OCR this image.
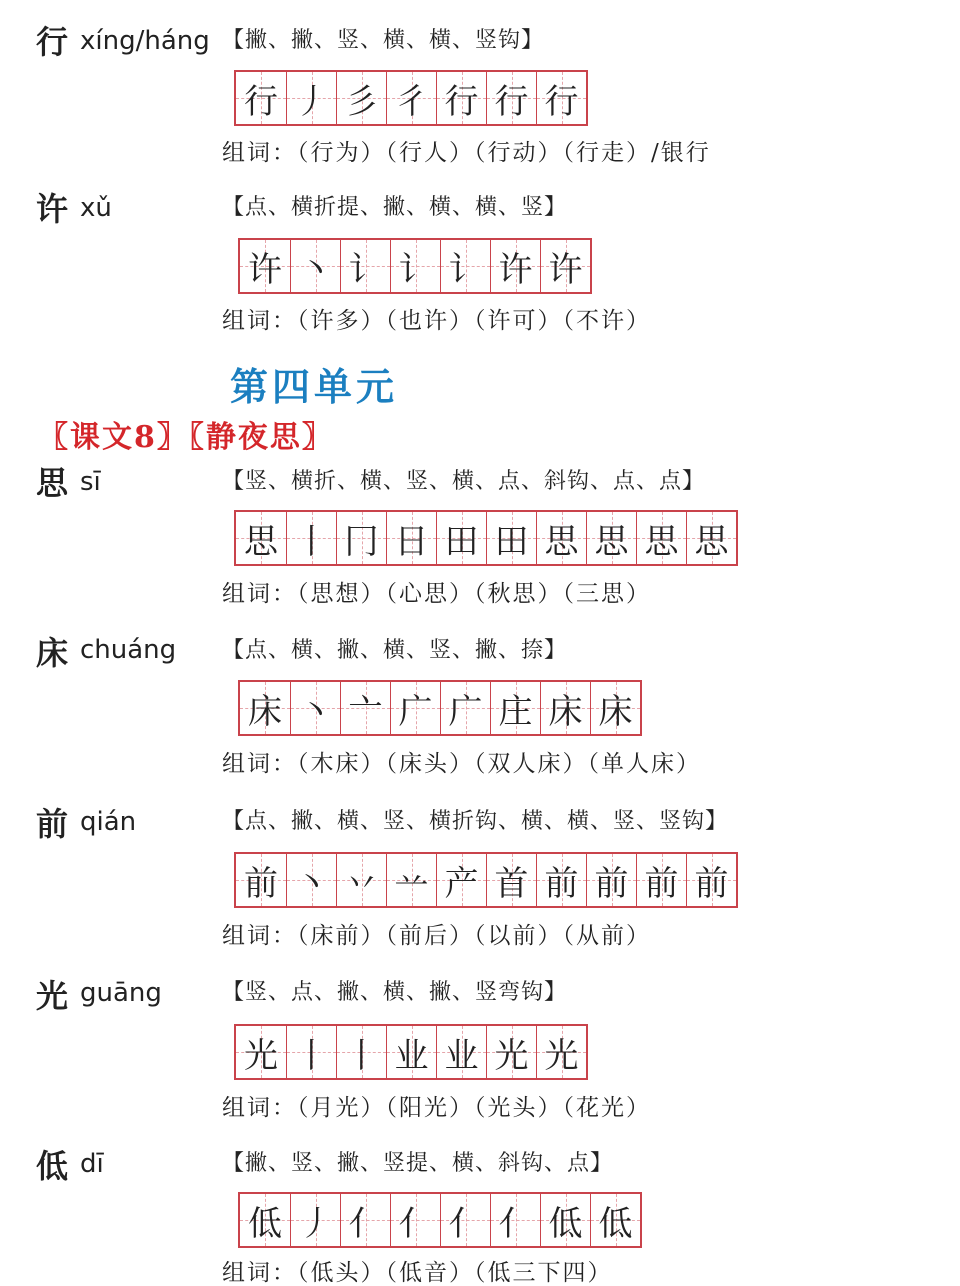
行 xíng/háng 【撇、撇、竖、横、横、竖钩】
行 丿 彡 彳 行 行 行
组词：（行为）（行人）（行动）（行走）/银行
许 xǔ	【点、横折提、撇、横、横、竖】
许 丶 讠 讠 讠 许 许
组词：（许多）（也许）（许可）（不许）
第四单元
〖课文8〗〖静夜思〗
思 sī	【竖、横折、横、竖、横、点、斜钩、点、点】
思 丨 冂 日 田 田 思 思 思 思
组词：（思想）（心思）（秋思）（三思）
床 chuáng 【点、横、撇、横、竖、撇、捺】
床 丶 亠 广 广 庄 床 床
组词：（木床）（床头）（双人床）（单人床）
前 qián	【点、撇、横、竖、横折钩、横、横、竖、竖钩】
前 丶 丷 䒑 产 首 前 前 前 前
组词：（床前）（前后）（以前）（从前）
光 guāng	【竖、点、撇、横、撇、竖弯钩】
光 丨 丨 业 业 光 光
组词：（月光）（阳光）（光头）（花光）
低 dī	【撇、竖、撇、竖提、横、斜钩、点】
低 丿 亻 亻 亻 亻 低 低
组词：（低头）（低音）（低三下四）
